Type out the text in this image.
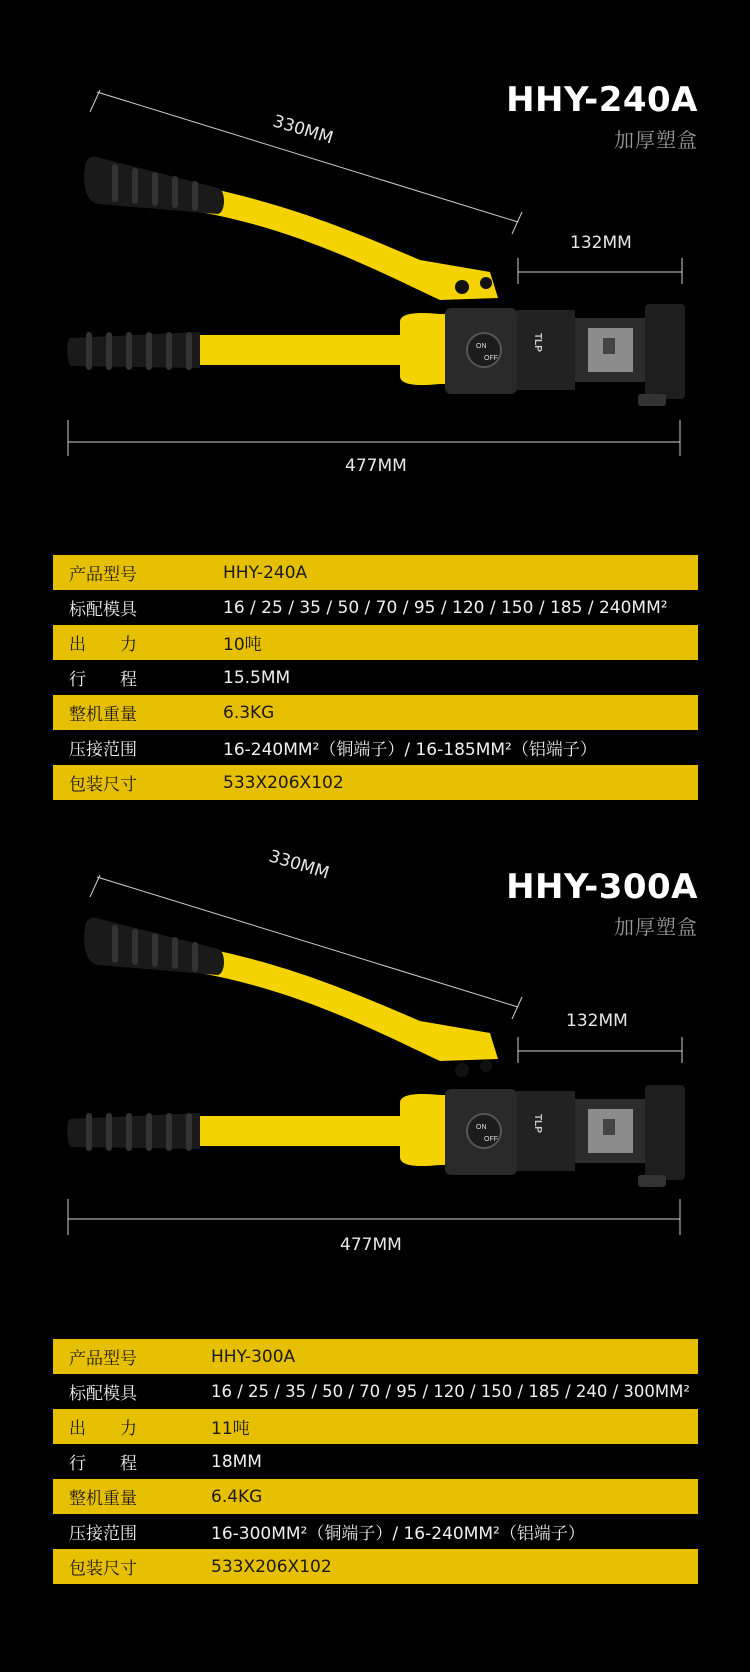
HHY-240A
加厚塑盒
ON
OFF
TLP
330MM
132MM
477MM
产品型号	HHY-240A
标配模具	16 / 25 / 35 / 50 / 70 / 95 / 120 / 150 / 185 / 240MM²
出　　力	10吨
行　　程	15.5MM
整机重量	6.3KG
压接范围	16-240MM²（铜端子）/ 16-185MM²（铝端子）
包装尺寸	533X206X102
HHY-300A
加厚塑盒
ON
OFF
TLP
330MM
132MM
477MM
产品型号	HHY-300A
标配模具	16 / 25 / 35 / 50 / 70 / 95 / 120 / 150 / 185 / 240 / 300MM²
出　　力	11吨
行　　程	18MM
整机重量	6.4KG
压接范围	16-300MM²（铜端子）/ 16-240MM²（铝端子）
包装尺寸	533X206X102
